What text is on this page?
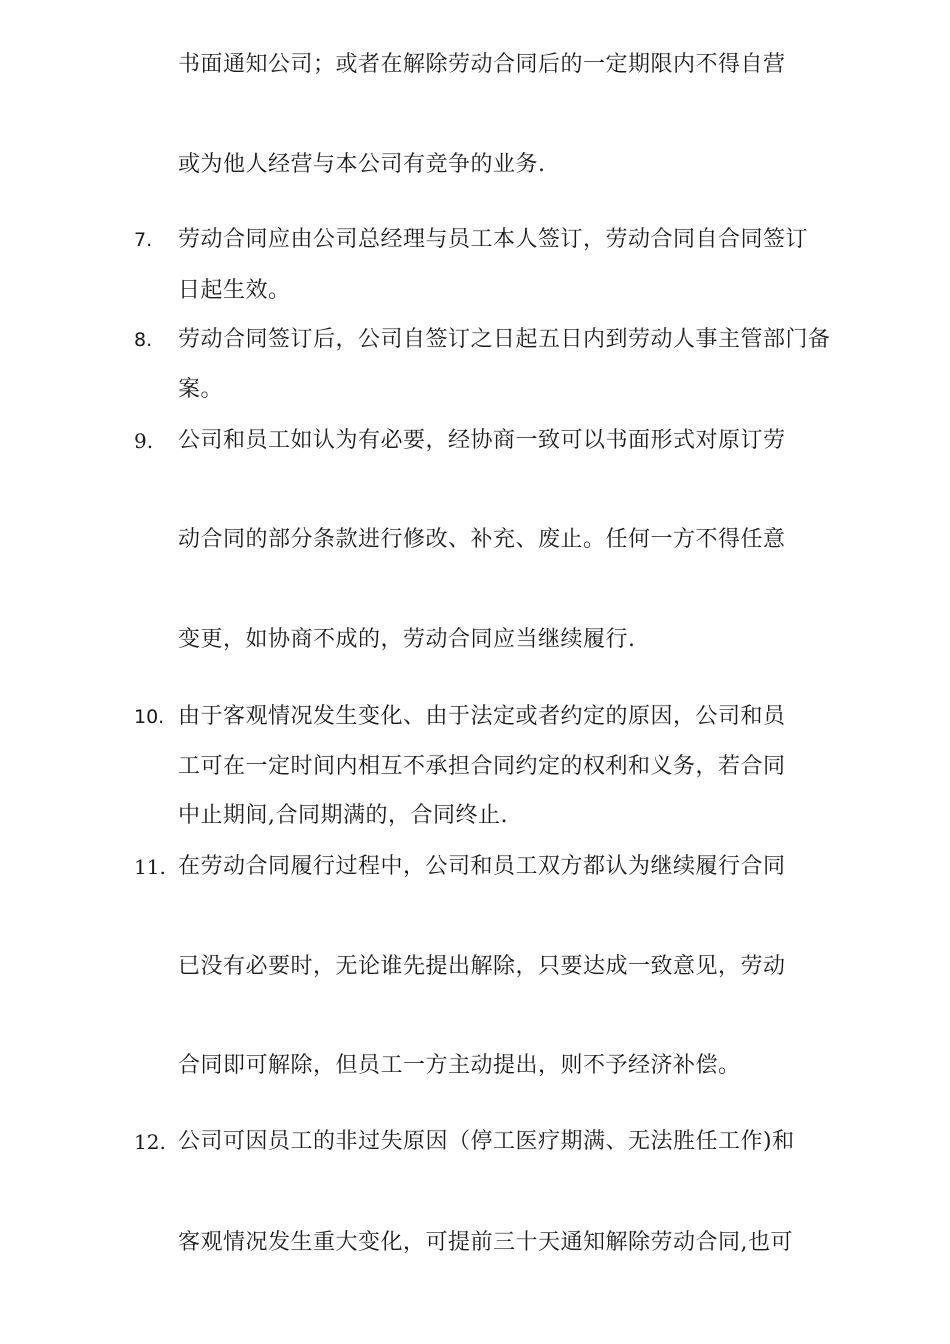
书面通知公司；或者在解除劳动合同后的一定期限内不得自营
或为他人经营与本公司有竞争的业务.
7. 劳动合同应由公司总经理与员工本人签订，劳动合同自合同签订
日起生效。
8. 劳动合同签订后，公司自签订之日起五日内到劳动人事主管部门备
案。
9. 公司和员工如认为有必要，经协商一致可以书面形式对原订劳
动合同的部分条款进行修改、补充、废止。任何一方不得任意
变更，如协商不成的，劳动合同应当继续履行.
10. 由于客观情况发生变化、由于法定或者约定的原因，公司和员
工可在一定时间内相互不承担合同约定的权利和义务，若合同
中止期间,合同期满的，合同终止.
11. 在劳动合同履行过程中，公司和员工双方都认为继续履行合同
已没有必要时，无论谁先提出解除，只要达成一致意见，劳动
合同即可解除，但员工一方主动提出，则不予经济补偿。
12. 公司可因员工的非过失原因（停工医疗期满、无法胜任工作)和
客观情况发生重大变化，可提前三十天通知解除劳动合同,也可
